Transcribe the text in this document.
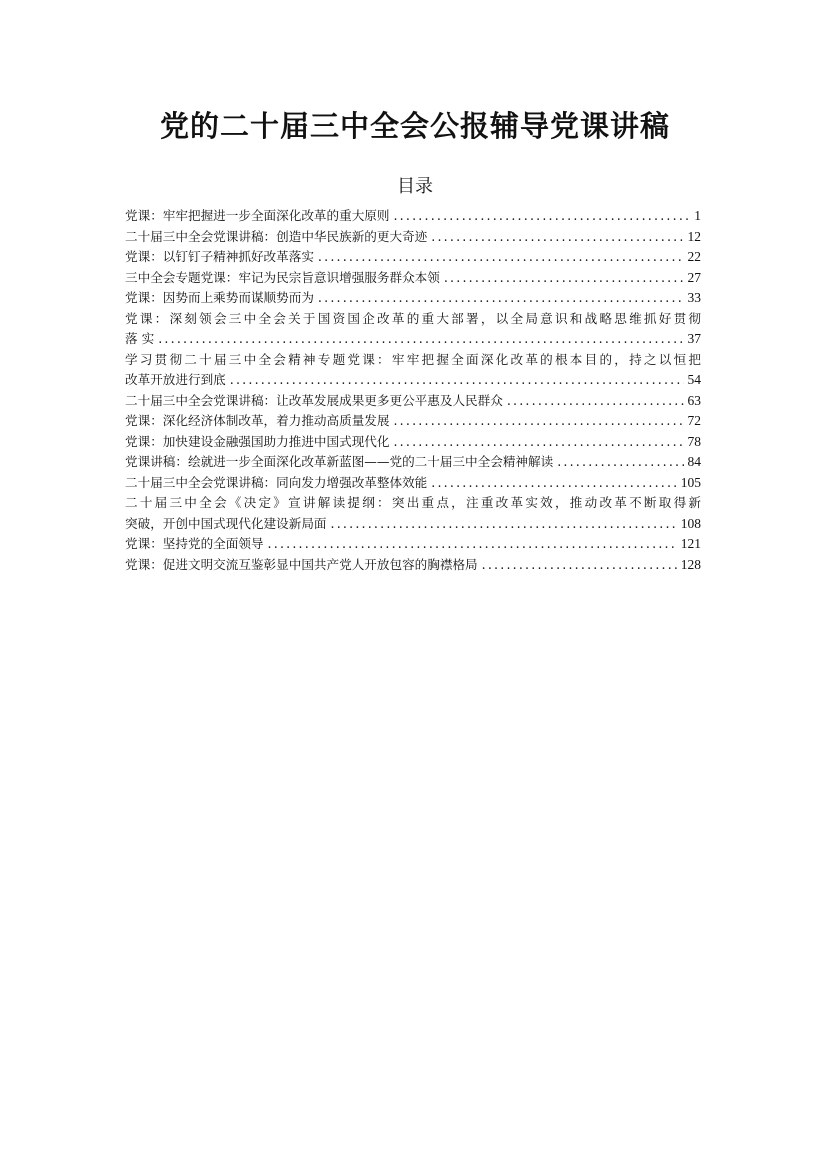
党的二十届三中全会公报辅导党课讲稿
目录
党课：牢牢把握进一步全面深化改革的重大原则 .....	1
二十届三中全会党课讲稿：创造中华民族新的更大奇迹 .....	12
党课：以钉钉子精神抓好改革落实 .....	22
三中全会专题党课：牢记为民宗旨意识增强服务群众本领 .....	27
党课：因势而上乘势而谋顺势而为 .....	33
党课：深刻领会三中全会关于国资国企改革的重大部署，以全局意识和战略思维抓好贯彻
落 实 .....	37
学习贯彻二十届三中全会精神专题党课：牢牢把握全面深化改革的根本目的，持之以恒把
改革开放进行到底 .....	54
二十届三中全会党课讲稿：让改革发展成果更多更公平惠及人民群众 .....	63
党课：深化经济体制改革，着力推动高质量发展 .....	72
党课：加快建设金融强国助力推进中国式现代化 .....	78
党课讲稿：绘就进一步全面深化改革新蓝图——党的二十届三中全会精神解读 .....	84
二十届三中全会党课讲稿：同向发力增强改革整体效能 .....	105
二十届三中全会《决定》宣讲解读提纲：突出重点，注重改革实效，推动改革不断取得新
突破，开创中国式现代化建设新局面 .....	108
党课：坚持党的全面领导 .....	121
党课：促进文明交流互鉴彰显中国共产党人开放包容的胸襟格局 .....	128
